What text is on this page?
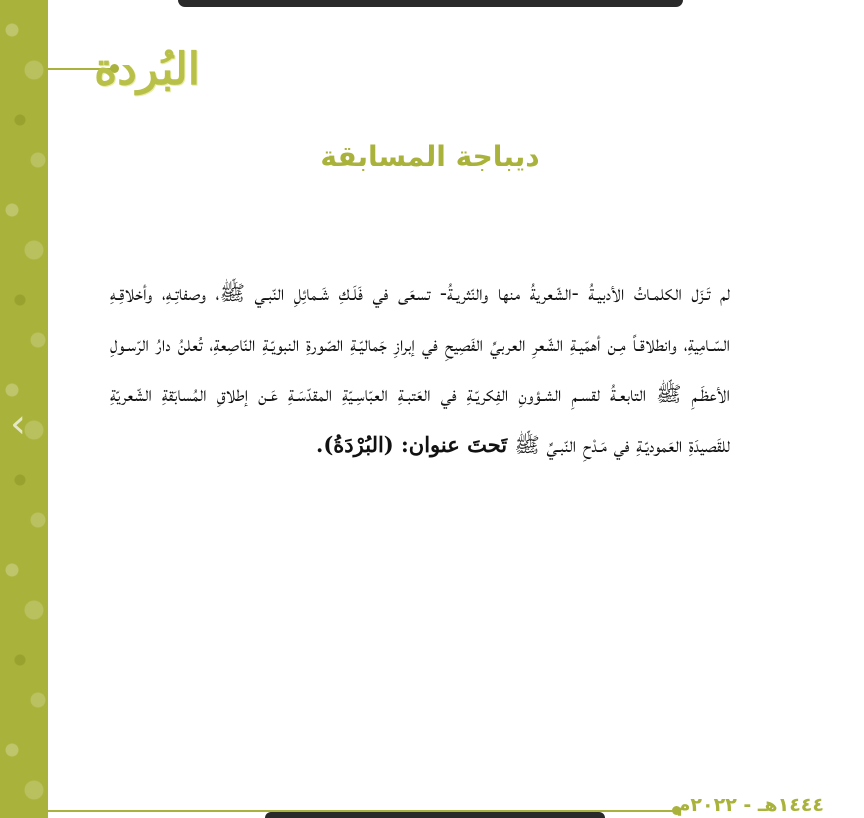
‹
البُردة
ديباجة المسابقة
لم تَـزَل الكلمـاتُ الأدبيـةُ -الشّعريةُ منها والنّثريـةُ- تسعَى في فَلَـكِ شَـمائِلِ النّبـي ﷺ، وصفاتِـهِ، وأخلاقِـهِ السّـامِيةِ، وانطلاقـاً مِـن أهمّيـةِ الشّعرِ العربيِّ الفَصِيحِ في إبرازِ جَماليّـةِ الصّورةِ النبويّـةِ النّاصِعةِ، تُعلنُ دارُ الرّسـولِ الأعظَـمِ ﷺ التابعـةُ لقسـمِ الشـؤونِ الفِكريّـةِ في العَتبـةِ العبّاسِـيّةِ المقدّسَـةِ عَـن إطلاقِ المُسابَقةِ الشّعريّةِ للقَصيدَةِ العَموديّـةِ في مَـدْحِ النّبـيِّ ﷺ تَحتَ عنوان: (البُرْدَةُ).
١٤٤٤هـ - ٢٠٢٢م
